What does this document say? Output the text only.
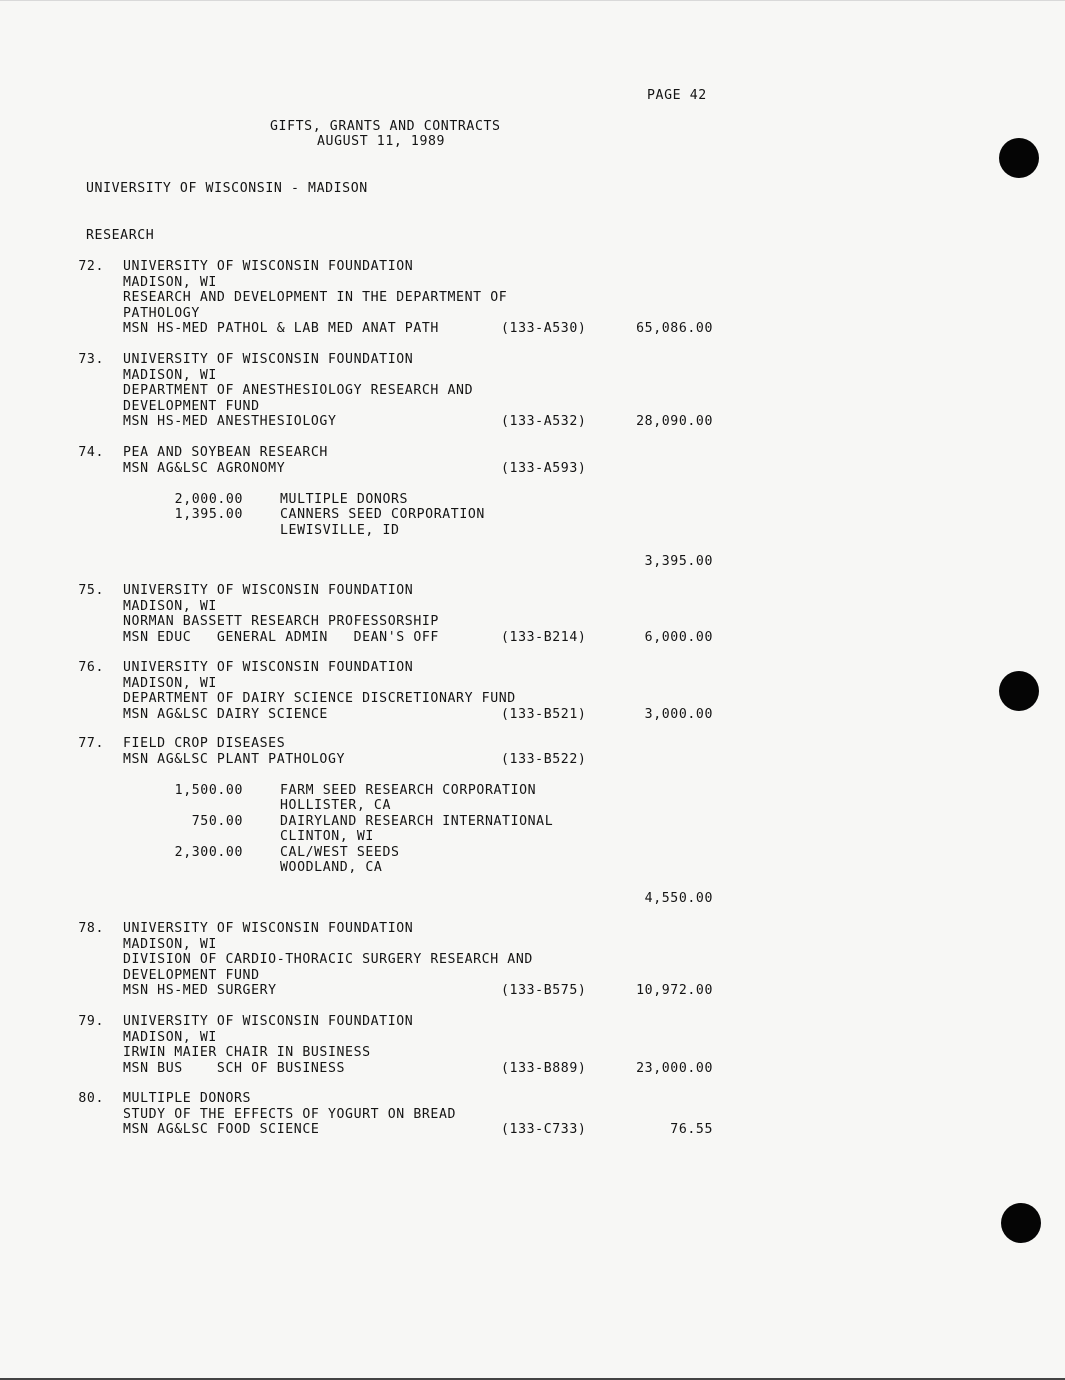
PAGE 42
GIFTS, GRANTS AND CONTRACTS
AUGUST 11, 1989
UNIVERSITY OF WISCONSIN - MADISON
RESEARCH
72. UNIVERSITY OF WISCONSIN FOUNDATION
MADISON, WI
RESEARCH AND DEVELOPMENT IN THE DEPARTMENT OF
PATHOLOGY
MSN HS-MED PATHOL & LAB MED ANAT PATH	(133-A530)	65,086.00
73. UNIVERSITY OF WISCONSIN FOUNDATION
MADISON, WI
DEPARTMENT OF ANESTHESIOLOGY RESEARCH AND
DEVELOPMENT FUND
MSN HS-MED ANESTHESIOLOGY	(133-A532)	28,090.00
74. PEA AND SOYBEAN RESEARCH
MSN AG&LSC AGRONOMY	(133-A593)
2,000.00	MULTIPLE DONORS
1,395.00	CANNERS SEED CORPORATION
LEWISVILLE, ID
3,395.00
75. UNIVERSITY OF WISCONSIN FOUNDATION
MADISON, WI
NORMAN BASSETT RESEARCH PROFESSORSHIP
MSN EDUC   GENERAL ADMIN   DEAN'S OFF	(133-B214)	6,000.00
76. UNIVERSITY OF WISCONSIN FOUNDATION
MADISON, WI
DEPARTMENT OF DAIRY SCIENCE DISCRETIONARY FUND
MSN AG&LSC DAIRY SCIENCE	(133-B521)	3,000.00
77. FIELD CROP DISEASES
MSN AG&LSC PLANT PATHOLOGY	(133-B522)
1,500.00	FARM SEED RESEARCH CORPORATION
HOLLISTER, CA
750.00	DAIRYLAND RESEARCH INTERNATIONAL
CLINTON, WI
2,300.00	CAL/WEST SEEDS
WOODLAND, CA
4,550.00
78. UNIVERSITY OF WISCONSIN FOUNDATION
MADISON, WI
DIVISION OF CARDIO-THORACIC SURGERY RESEARCH AND
DEVELOPMENT FUND
MSN HS-MED SURGERY	(133-B575)	10,972.00
79. UNIVERSITY OF WISCONSIN FOUNDATION
MADISON, WI
IRWIN MAIER CHAIR IN BUSINESS
MSN BUS    SCH OF BUSINESS	(133-B889)	23,000.00
80. MULTIPLE DONORS
STUDY OF THE EFFECTS OF YOGURT ON BREAD
MSN AG&LSC FOOD SCIENCE	(133-C733)	76.55
